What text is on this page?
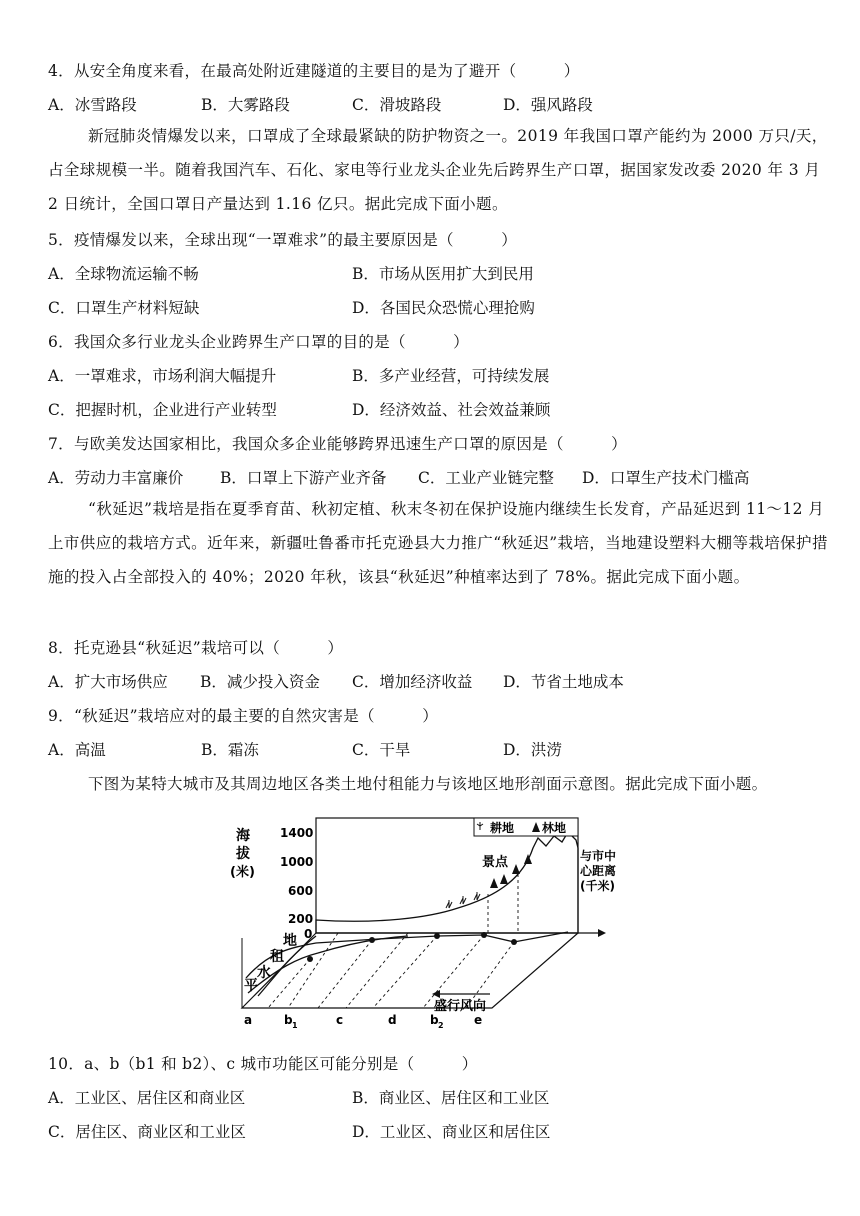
4．从安全角度来看，在最高处附近建隧道的主要目的是为了避开（　　　）
A．冰雪路段	B．大雾路段	C．滑坡路段	D．强风路段
新冠肺炎情爆发以来，口罩成了全球最紧缺的防护物资之一。2019 年我国口罩产能约为 2000 万只/天，占全球规模一半。随着我国汽车、石化、家电等行业龙头企业先后跨界生产口罩，据国家发改委 2020 年 3 月 2 日统计，全国口罩日产量达到 1.16 亿只。据此完成下面小题。
5．疫情爆发以来，全球出现“一罩难求”的最主要原因是（　　　）
A．全球物流运输不畅	B．市场从医用扩大到民用
C．口罩生产材料短缺	D．各国民众恐慌心理抢购
6．我国众多行业龙头企业跨界生产口罩的目的是（　　　）
A．一罩难求，市场利润大幅提升	B．多产业经营，可持续发展
C．把握时机，企业进行产业转型	D．经济效益、社会效益兼顾
7．与欧美发达国家相比，我国众多企业能够跨界迅速生产口罩的原因是（　　　）
A．劳动力丰富廉价 B．口罩上下游产业齐备 C．工业产业链完整 D．口罩生产技术门槛高
“秋延迟”栽培是指在夏季育苗、秋初定植、秋末冬初在保护设施内继续生长发育，产品延迟到 11～12 月上市供应的栽培方式。近年来，新疆吐鲁番市托克逊县大力推广“秋延迟”栽培，当地建设塑料大棚等栽培保护措施的投入占全部投入的 40%；2020 年秋，该县“秋延迟”种植率达到了 78%。据此完成下面小题。
8．托克逊县“秋延迟”栽培可以（　　　）
A．扩大市场供应 B．减少投入资金 C．增加经济收益 D．节省土地成本
9．“秋延迟”栽培应对的最主要的自然灾害是（　　　）
A．高温	B．霜冻	C．干旱	D．洪涝
下图为某特大城市及其周边地区各类土地付租能力与该地区地形剖面示意图。据此完成下面小题。
海
拔
(米)
1400
1000
600
200
0
景点
耕地 林地
与市中
心距离
(千米)
地
租
水
平
盛行风向
a	b 1	c	d	b 2	e
10．a、b（b1 和 b2）、c 城市功能区可能分别是（　　　）
A．工业区、居住区和商业区	B．商业区、居住区和工业区
C．居住区、商业区和工业区	D．工业区、商业区和居住区
